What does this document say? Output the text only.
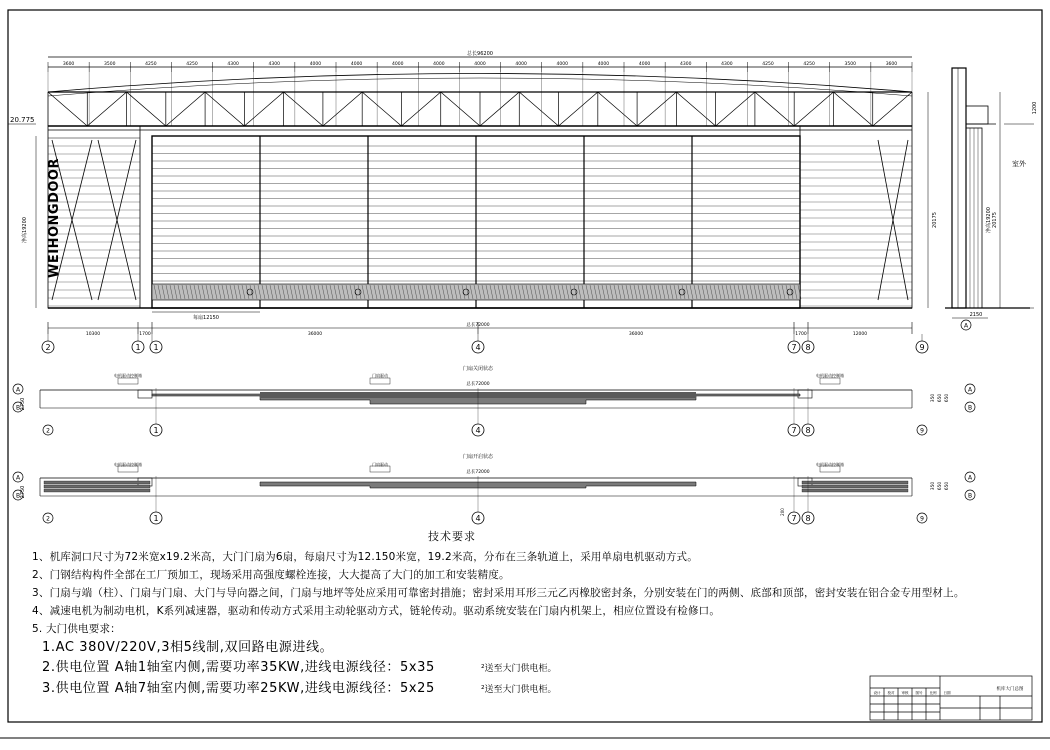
总长96200
3600	3500	4250	4250	4300	4300	4000	4000	4000	4000	4000	4000	4000	4000	4000	4300	4300	4250	4250	3500	3600
20.775
净高19200	20175
每扇12150
WEIHONGDOOR
10300	1700	36000
总长72000
36000	1700	12000
2	1 1	4	7 8	9
室外
A
2150
20175
净高19200
1200
1	4	7 8
A
B
2
A
B
9
350 650 650
门扇关闭状态
总长72000
电机驱动控制箱	门扇驱动	电机驱动控制箱
2750
1	4	7 8
A
B
2
A
B
9
350 650 650
门扇开启状态
总长72000
电机驱动控制箱	门扇驱动	电机驱动控制箱
2750
200
机库大门总图
设计 校对 审核 图号 比例 日期
技术要求
1、机库洞口尺寸为72米宽x19.2米高，大门门扇为6扇，每扇尺寸为12.150米宽，19.2米高，分布在三条轨道上，采用单扇电机驱动方式。
2、门钢结构构件全部在工厂预加工，现场采用高强度螺栓连接，大大提高了大门的加工和安装精度。
3、门扇与端（柱）、门扇与门扇、大门与导向器之间，门扇与地坪等处应采用可靠密封措施；密封采用耳形三元乙丙橡胶密封条，分别安装在门的两侧、底部和顶部，密封安装在铝合金专用型材上。
4、减速电机为制动电机，K系列减速器，驱动和传动方式采用主动轮驱动方式，链轮传动。驱动系统安装在门扇内机架上，相应位置设有检修口。
5. 大门供电要求：
1.AC 380V/220V,3相5线制,双回路电源进线。
2.供电位置 A轴1轴室内侧,需要功率35KW,进线电源线径：5x35	²送至大门供电柜。
3.供电位置 A轴7轴室内侧,需要功率25KW,进线电源线径：5x25	²送至大门供电柜。
